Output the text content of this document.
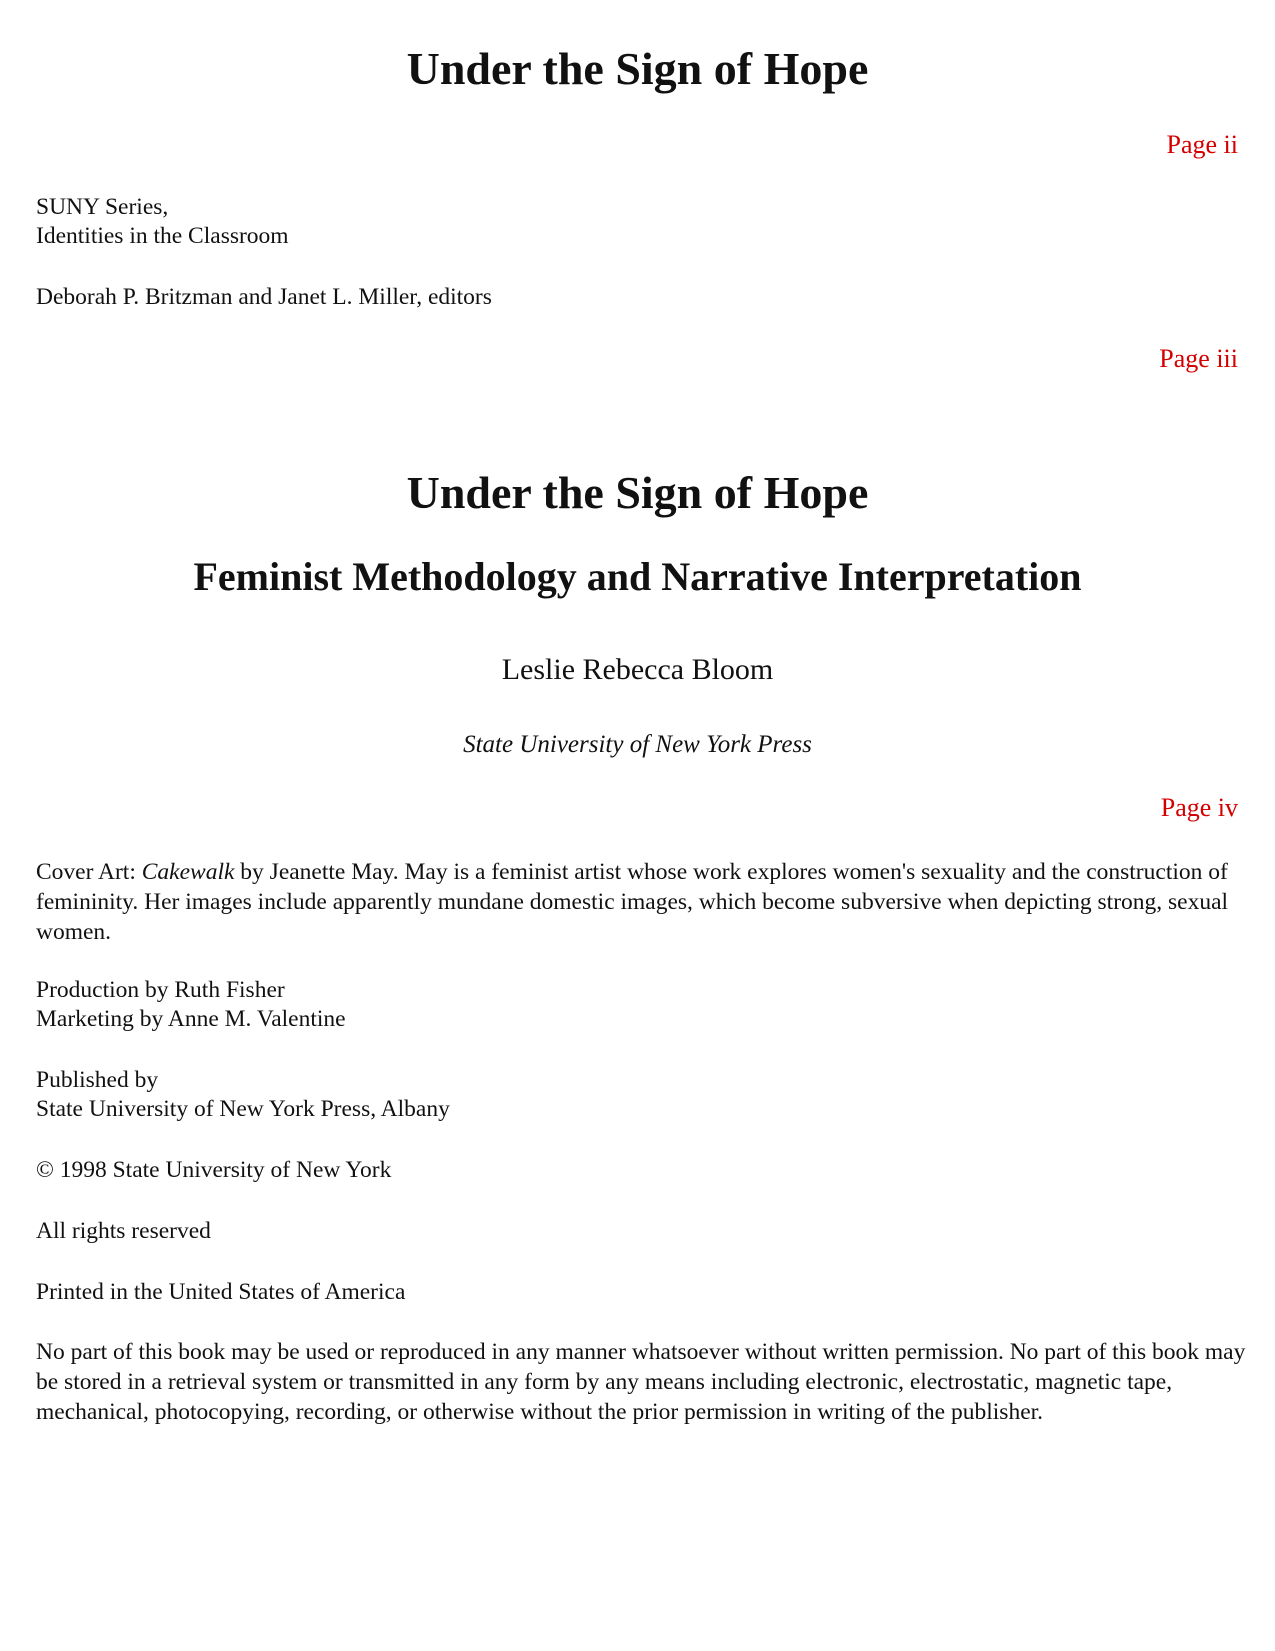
Under the Sign of Hope
Page ii
SUNY Series,
Identities in the Classroom
Deborah P. Britzman and Janet L. Miller, editors
Page iii
Under the Sign of Hope
Feminist Methodology and Narrative Interpretation
Leslie Rebecca Bloom
State University of New York Press
Page iv

Cover Art: Cakewalk by Jeanette May. May is a feminist artist whose work explores women's sexuality and the construction of femininity. Her images include apparently mundane domestic images, which become subversive when depicting strong, sexual women.

Production by Ruth Fisher
Marketing by Anne M. Valentine
Published by
State University of New York Press, Albany
© 1998 State University of New York
All rights reserved
Printed in the United States of America

No part of this book may be used or reproduced in any manner whatsoever without written permission. No part of this book may be stored in a retrieval system or transmitted in any form by any means including electronic, electrostatic, magnetic tape, mechanical, photocopying, recording, or otherwise without the prior permission in writing of the publisher.
